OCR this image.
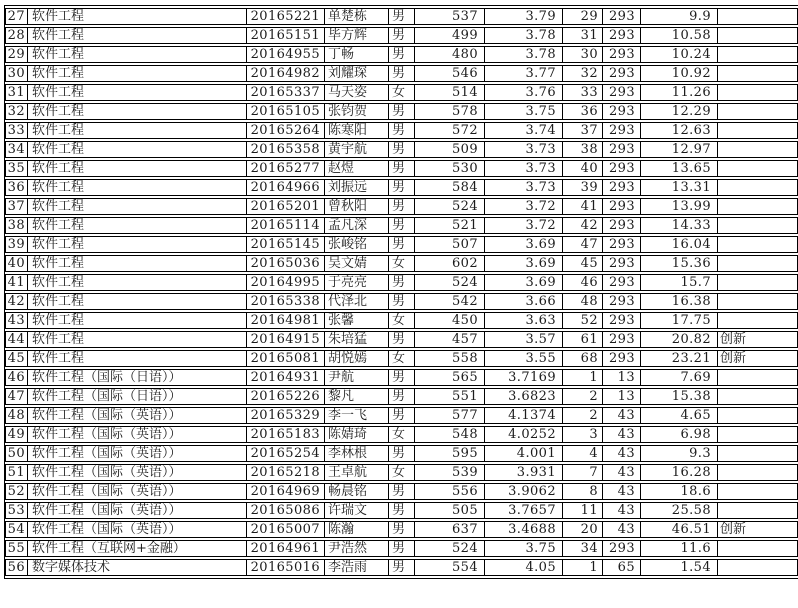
27	软件工程	20165221	单楚栋	男	537	3.79	29	293	9.9	
28	软件工程	20165151	毕方辉	男	499	3.78	31	293	10.58	
29	软件工程	20164955	丁畅	男	480	3.78	30	293	10.24	
30	软件工程	20164982	刘耀琛	男	546	3.77	32	293	10.92	
31	软件工程	20165337	马天姿	女	514	3.76	33	293	11.26	
32	软件工程	20165105	张钧贺	男	578	3.75	36	293	12.29	
33	软件工程	20165264	陈寒阳	男	572	3.74	37	293	12.63	
34	软件工程	20165358	黄宇航	男	509	3.73	38	293	12.97	
35	软件工程	20165277	赵煜	男	530	3.73	40	293	13.65	
36	软件工程	20164966	刘振远	男	584	3.73	39	293	13.31	
37	软件工程	20165201	曾秋阳	男	524	3.72	41	293	13.99	
38	软件工程	20165114	孟凡深	男	521	3.72	42	293	14.33	
39	软件工程	20165145	张峻铭	男	507	3.69	47	293	16.04	
40	软件工程	20165036	吴文婧	女	602	3.69	45	293	15.36	
41	软件工程	20164995	于亮亮	男	524	3.69	46	293	15.7	
42	软件工程	20165338	代泽北	男	542	3.66	48	293	16.38	
43	软件工程	20164981	张馨	女	450	3.63	52	293	17.75	
44	软件工程	20164915	朱培猛	男	457	3.57	61	293	20.82	创新
45	软件工程	20165081	胡悦嫣	女	558	3.55	68	293	23.21	创新
46	软件工程（国际（日语））	20164931	尹航	男	565	3.7169	1	13	7.69	
47	软件工程（国际（日语））	20165226	黎凡	男	551	3.6823	2	13	15.38	
48	软件工程（国际（英语））	20165329	李一飞	男	577	4.1374	2	43	4.65	
49	软件工程（国际（英语））	20165183	陈婧琦	女	548	4.0252	3	43	6.98	
50	软件工程（国际（英语））	20165254	李林根	男	595	4.001	4	43	9.3	
51	软件工程（国际（英语））	20165218	王卓航	女	539	3.931	7	43	16.28	
52	软件工程（国际（英语））	20164969	畅晨铭	男	556	3.9062	8	43	18.6	
53	软件工程（国际（英语））	20165086	许瑞文	男	505	3.7657	11	43	25.58	
54	软件工程（国际（英语））	20165007	陈瀚	男	637	3.4688	20	43	46.51	创新
55	软件工程（互联网+金融）	20164961	尹浩然	男	524	3.75	34	293	11.6	
56	数字媒体技术	20165016	李浩雨	男	554	4.05	1	65	1.54	
